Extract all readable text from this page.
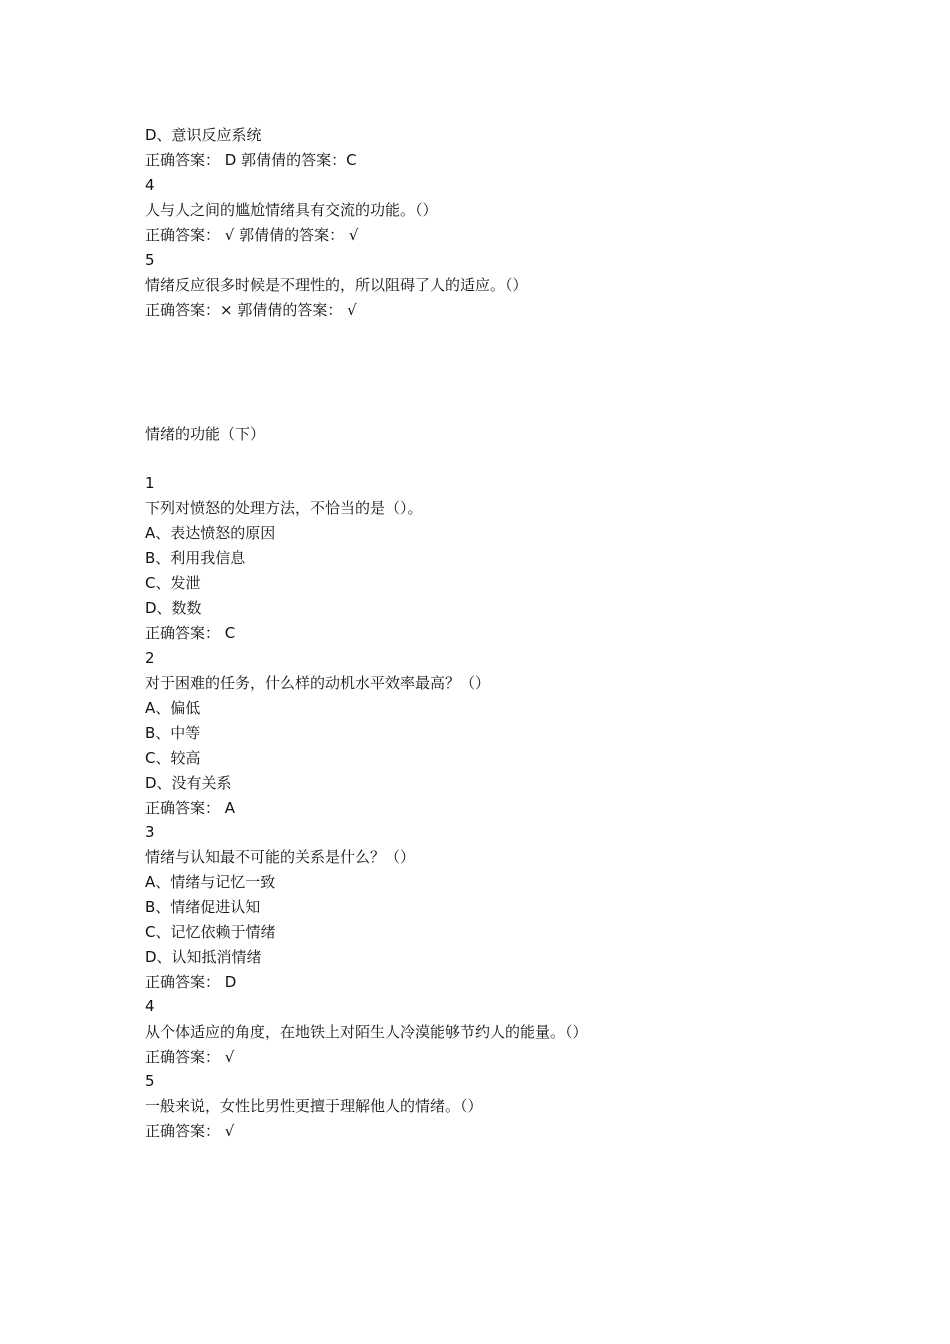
D、意识反应系统
正确答案： D 郭倩倩的答案：C
4
人与人之间的尴尬情绪具有交流的功能。（）
正确答案： √ 郭倩倩的答案： √
5
情绪反应很多时候是不理性的，所以阻碍了人的适应。（）
正确答案：× 郭倩倩的答案： √
情绪的功能（下）
1
下列对愤怒的处理方法，不恰当的是（）。
A、表达愤怒的原因
B、利用我信息
C、发泄
D、数数
正确答案： C
2
对于困难的任务，什么样的动机水平效率最高？（）
A、偏低
B、中等
C、较高
D、没有关系
正确答案： A
3
情绪与认知最不可能的关系是什么？（）
A、情绪与记忆一致
B、情绪促进认知
C、记忆依赖于情绪
D、认知抵消情绪
正确答案： D
4
从个体适应的角度，在地铁上对陌生人冷漠能够节约人的能量。（）
正确答案： √
5
一般来说，女性比男性更擅于理解他人的情绪。（）
正确答案： √
